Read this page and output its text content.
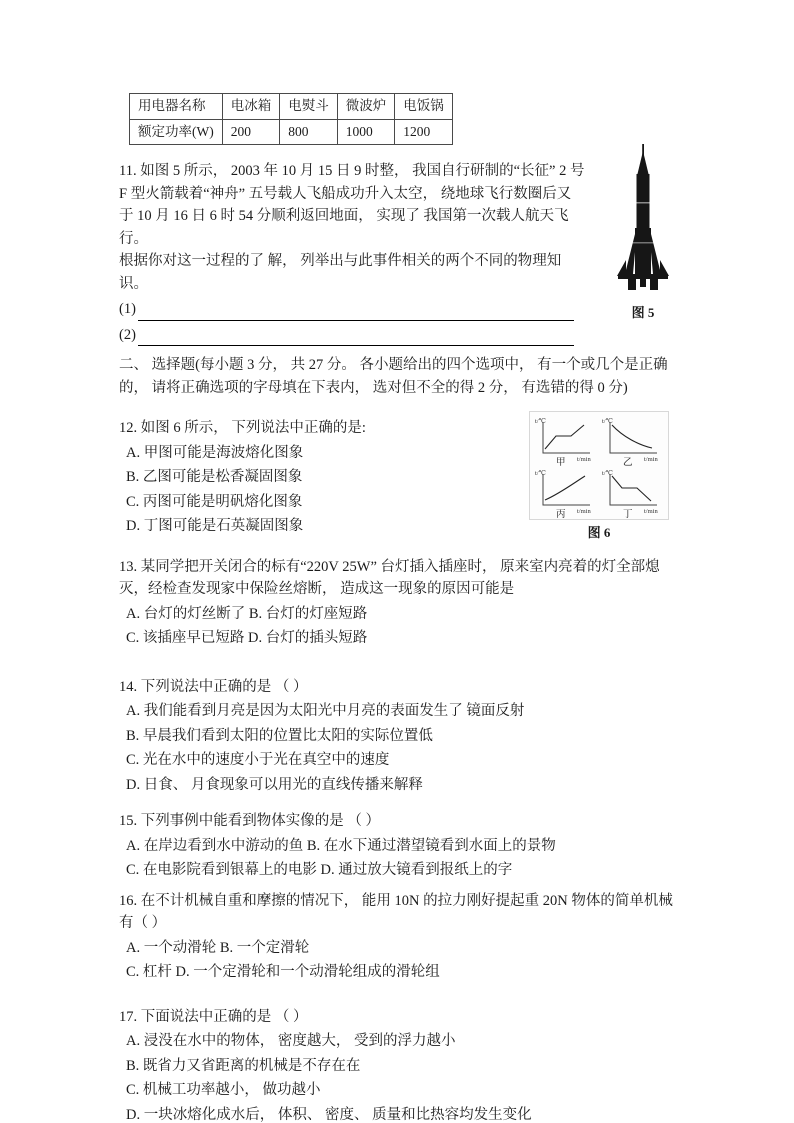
用电器名称	电冰箱	电熨斗	微波炉	电饭锅
额定功率(W)	200	800	1000	1200
图 5

11. 如图 5 所示， 2003 年 10 月 15 日 9 时整， 我国自行研制的“长征” 2 号 F 型火箭载着“神舟” 五号载人飞船成功升入太空， 绕地球飞行数圈后又于 10 月 16 日 6 时 54 分顺利返回地面， 实现了 我国第一次载人航天飞行。

根据你对这一过程的了 解， 列举出与此事件相关的两个不同的物理知识。

(1)
(2)

二、 选择题(每小题 3 分， 共 27 分。 各小题给出的四个选项中， 有一个或几个是正确的， 请将正确选项的字母填在下表内， 选对但不全的得 2 分， 有选错的得 0 分)

t/℃
t/min
甲
t/℃
t/min
乙
t/℃
t/min
丙
t/℃
t/min
丁
图 6

12. 如图 6 所示， 下列说法中正确的是:

A. 甲图可能是海波熔化图象

B. 乙图可能是松香凝固图象

C. 丙图可能是明矾熔化图象

D. 丁图可能是石英凝固图象

13. 某同学把开关闭合的标有“220V 25W” 台灯插入插座时， 原来室内亮着的灯全部熄灭，经检查发现家中保险丝熔断， 造成这一现象的原因可能是

A. 台灯的灯丝断了 B. 台灯的灯座短路

C. 该插座早已短路 D. 台灯的插头短路

14. 下列说法中正确的是 （ ）

A. 我们能看到月亮是因为太阳光中月亮的表面发生了 镜面反射

B. 早晨我们看到太阳的位置比太阳的实际位置低

C. 光在水中的速度小于光在真空中的速度

D. 日食、 月食现象可以用光的直线传播来解释

15. 下列事例中能看到物体实像的是 （ ）

A. 在岸边看到水中游动的鱼 B. 在水下通过潜望镜看到水面上的景物

C. 在电影院看到银幕上的电影 D. 通过放大镜看到报纸上的字

16. 在不计机械自重和摩擦的情况下， 能用 10N 的拉力刚好提起重 20N 物体的简单机械有（ ）

A. 一个动滑轮 B. 一个定滑轮

C. 杠杆 D. 一个定滑轮和一个动滑轮组成的滑轮组

17. 下面说法中正确的是 （ ）

A. 浸没在水中的物体， 密度越大， 受到的浮力越小

B. 既省力又省距离的机械是不存在在

C. 机械工功率越小， 做功越小

D. 一块冰熔化成水后， 体积、 密度、 质量和比热容均发生变化
